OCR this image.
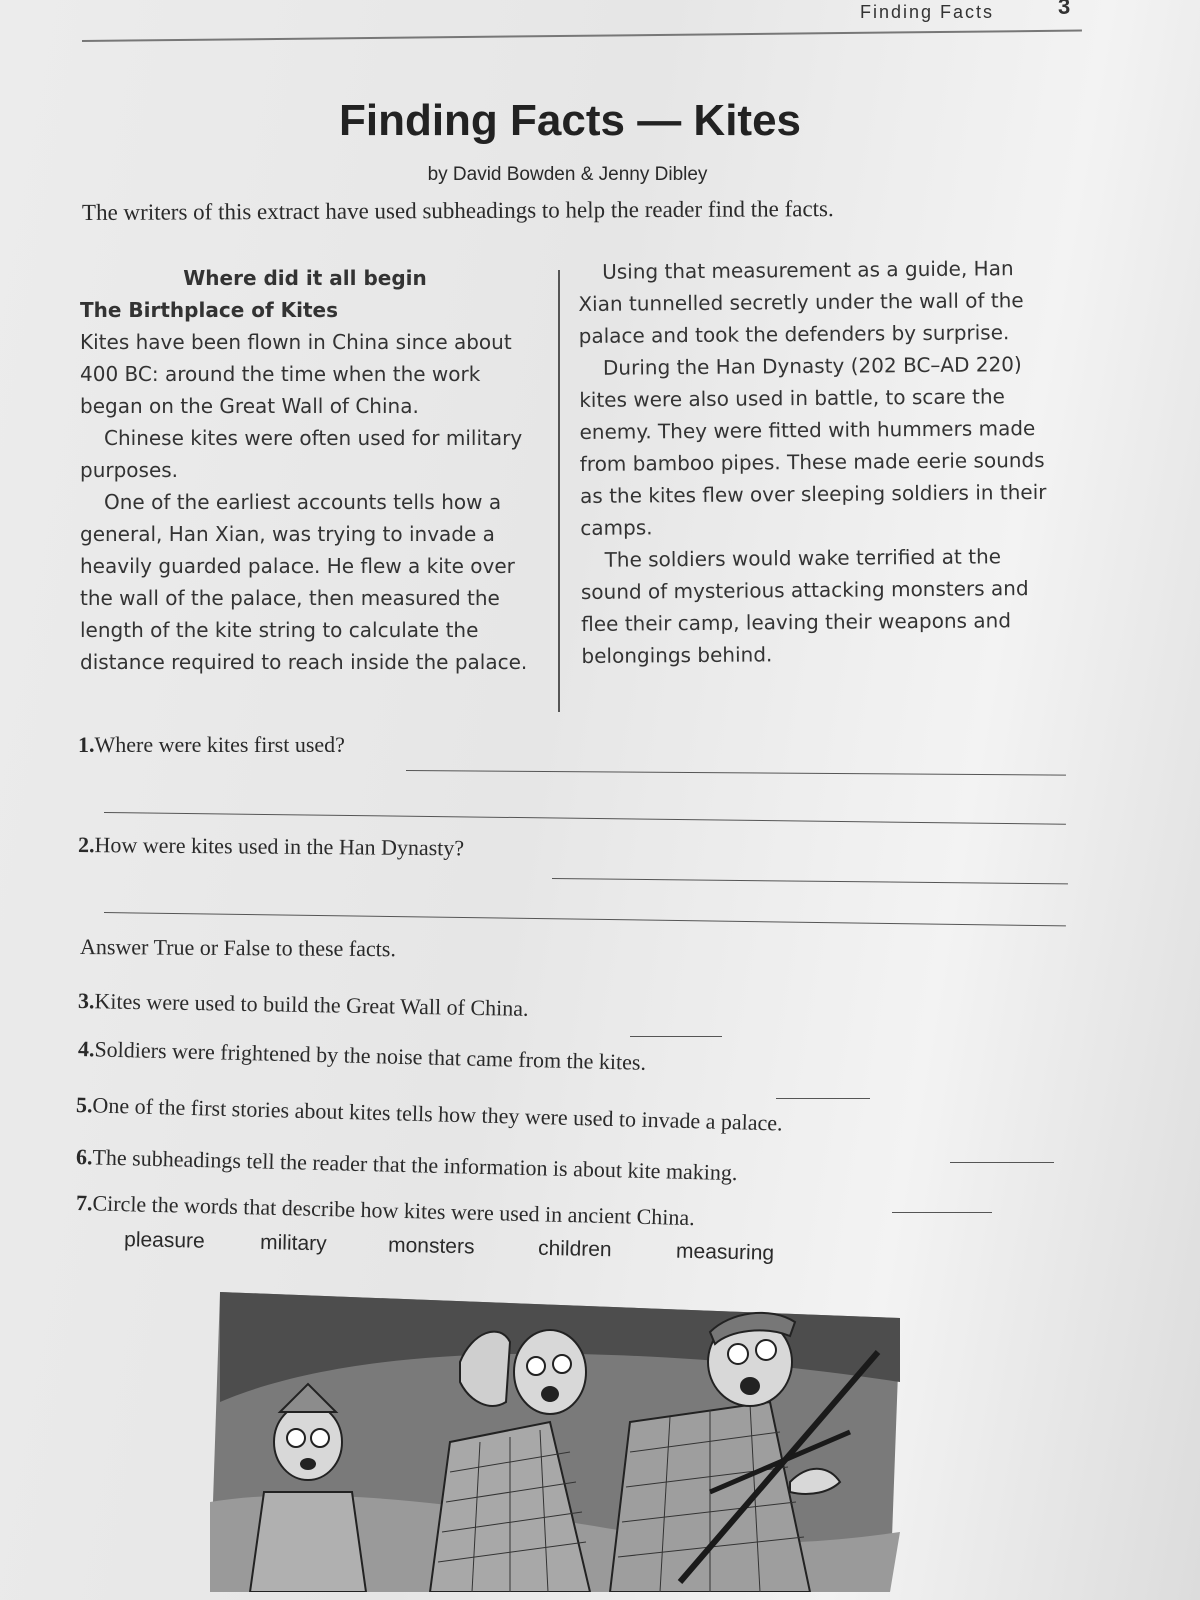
Finding Facts	3
Finding Facts — Kites
by David Bowden & Jenny Dibley
The writers of this extract have used subheadings to help the reader find the facts.

Where did it all begin

The Birthplace of Kites

Kites have been flown in China since about 400 BC: around the time when the work began on the Great Wall of China.

Chinese kites were often used for military purposes.

One of the earliest accounts tells how a general, Han Xian, was trying to invade a heavily guarded palace. He flew a kite over the wall of the palace, then measured the length of the kite string to calculate the distance required to reach inside the palace.

Using that measurement as a guide, Han Xian tunnelled secretly under the wall of the palace and took the defenders by surprise.

During the Han Dynasty (202 BC–AD 220) kites were also used in battle, to scare the enemy. They were fitted with hummers made from bamboo pipes. These made eerie sounds as the kites flew over sleeping soldiers in their camps.

The soldiers would wake terrified at the sound of mysterious attacking monsters and flee their camp, leaving their weapons and belongings behind.

1.Where were kites first used?
2.How were kites used in the Han Dynasty?
Answer True or False to these facts.
3.Kites were used to build the Great Wall of China.
4.Soldiers were frightened by the noise that came from the kites.
5.One of the first stories about kites tells how they were used to invade a palace.
6.The subheadings tell the reader that the information is about kite making.
7.Circle the words that describe how kites were used in ancient China.
pleasure	military	monsters	children	measuring
